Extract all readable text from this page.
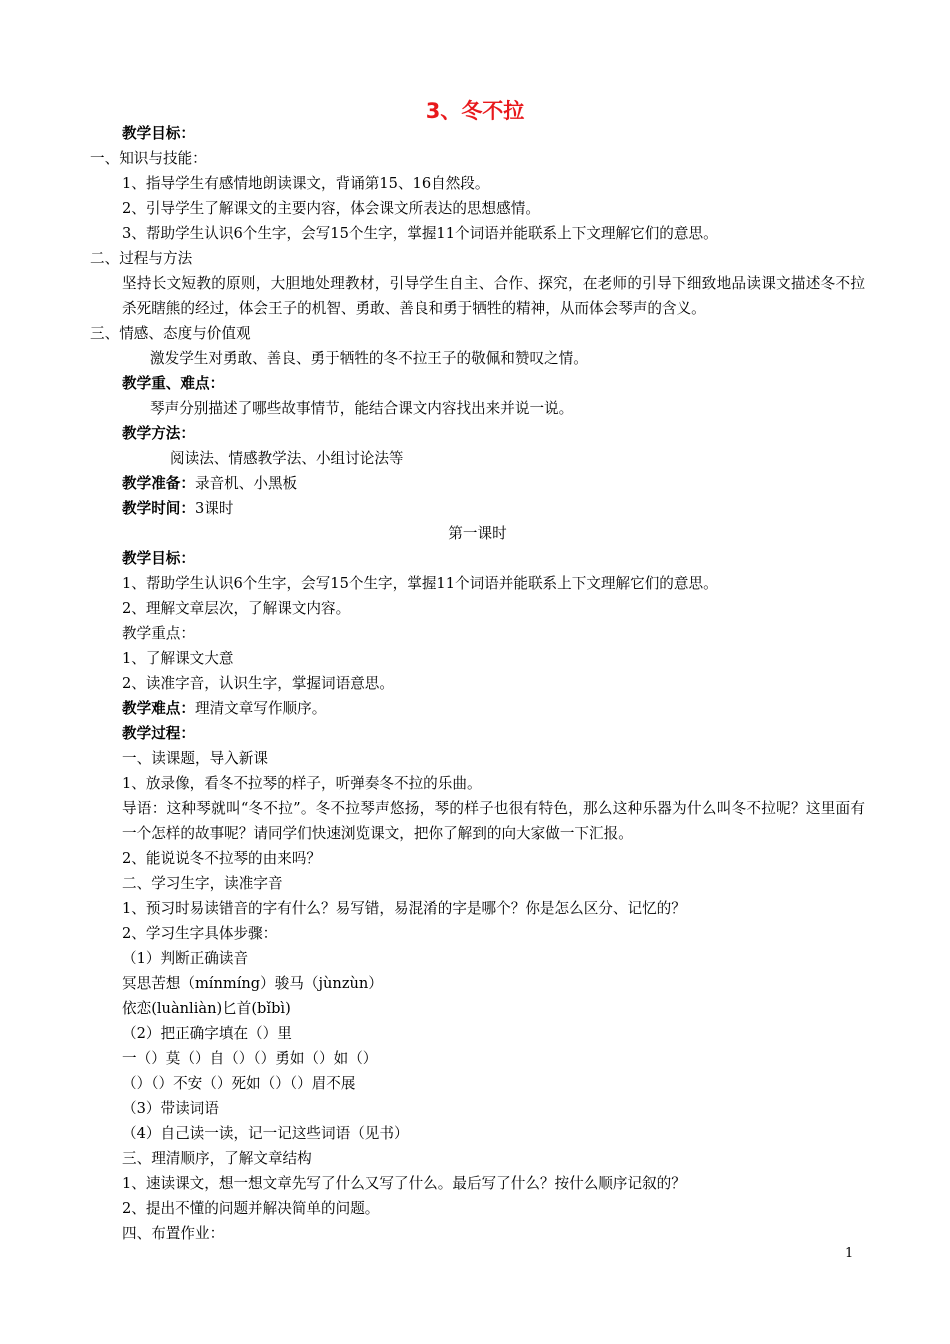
3、冬不拉
教学目标：
一、知识与技能：
1、指导学生有感情地朗读课文，背诵第15、16自然段。
2、引导学生了解课文的主要内容，体会课文所表达的思想感情。
3、帮助学生认识6个生字，会写15个生字，掌握11个词语并能联系上下文理解它们的意思。
二、过程与方法
坚持长文短教的原则，大胆地处理教材，引导学生自主、合作、探究，在老师的引导下细致地品读课文描述冬不拉杀死瞎熊的经过，体会王子的机智、勇敢、善良和勇于牺牲的精神，从而体会琴声的含义。
三、情感、态度与价值观
激发学生对勇敢、善良、勇于牺牲的冬不拉王子的敬佩和赞叹之情。
教学重、难点：
琴声分别描述了哪些故事情节，能结合课文内容找出来并说一说。
教学方法：
阅读法、情感教学法、小组讨论法等
教学准备：录音机、小黑板
教学时间：3课时
第一课时
教学目标：
1、帮助学生认识6个生字，会写15个生字，掌握11个词语并能联系上下文理解它们的意思。
2、理解文章层次，了解课文内容。
教学重点：
1、了解课文大意
2、读准字音，认识生字，掌握词语意思。
教学难点：理清文章写作顺序。
教学过程：
一、读课题，导入新课
1、放录像，看冬不拉琴的样子，听弹奏冬不拉的乐曲。
导语：这种琴就叫“冬不拉”。冬不拉琴声悠扬，琴的样子也很有特色，那么这种乐器为什么叫冬不拉呢？这里面有一个怎样的故事呢？请同学们快速浏览课文，把你了解到的向大家做一下汇报。
2、能说说冬不拉琴的由来吗？
二、学习生字，读准字音
1、预习时易读错音的字有什么？易写错，易混淆的字是哪个？你是怎么区分、记忆的？
2、学习生字具体步骤：
（1）判断正确读音
冥思苦想（mínmíng）骏马（jùnzùn）
依恋(luànliàn)匕首(bǐbì)
（2）把正确字填在（）里
一（）莫（）自（）（）勇如（）如（）
（）（）不安（）死如（）（）眉不展
（3）带读词语
（4）自己读一读，记一记这些词语（见书）
三、理清顺序，了解文章结构
1、速读课文，想一想文章先写了什么又写了什么。最后写了什么？按什么顺序记叙的？
2、提出不懂的问题并解决简单的问题。
四、布置作业：
1
